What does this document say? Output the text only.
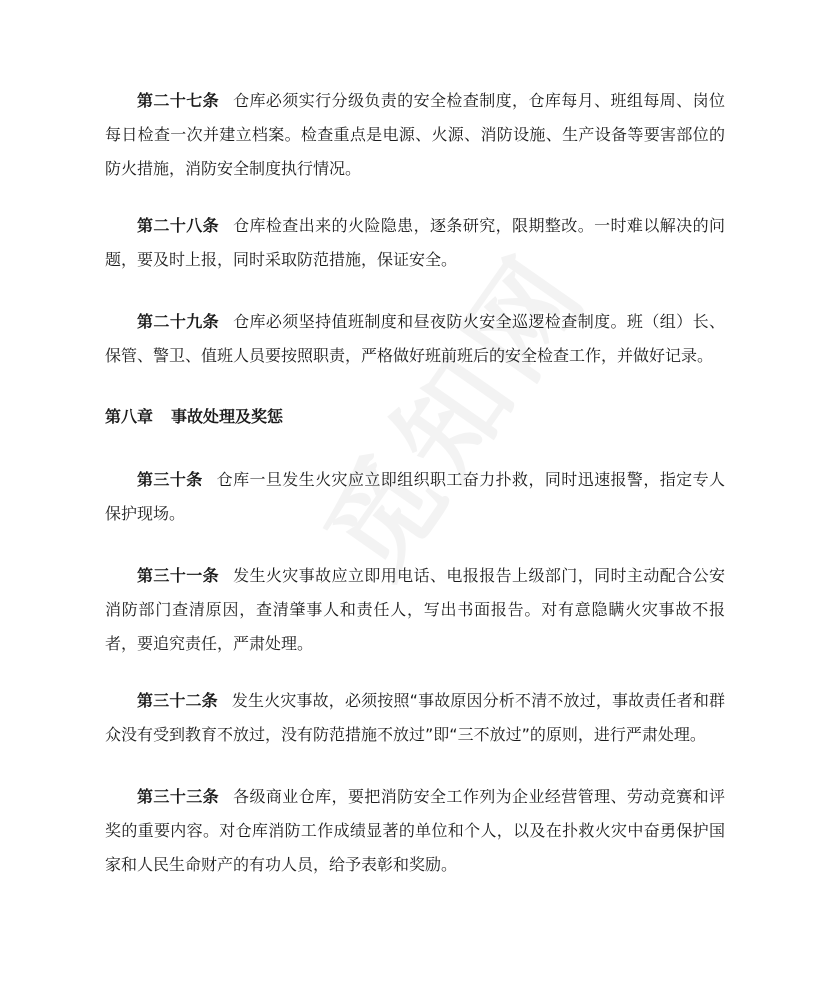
第二十七条 仓库必须实行分级负责的安全检查制度，仓库每月、班组每周、岗位每日检查一次并建立档案。检查重点是电源、火源、消防设施、生产设备等要害部位的防火措施，消防安全制度执行情况。

第二十八条 仓库检查出来的火险隐患，逐条研究，限期整改。一时难以解决的问题，要及时上报，同时采取防范措施，保证安全。

第二十九条 仓库必须坚持值班制度和昼夜防火安全巡逻检查制度。班（组）长、保管、警卫、值班人员要按照职责，严格做好班前班后的安全检查工作，并做好记录。

第八章 事故处理及奖惩

第三十条 仓库一旦发生火灾应立即组织职工奋力扑救，同时迅速报警，指定专人保护现场。

第三十一条 发生火灾事故应立即用电话、电报报告上级部门，同时主动配合公安消防部门查清原因，查清肇事人和责任人，写出书面报告。对有意隐瞒火灾事故不报者，要追究责任，严肃处理。

第三十二条 发生火灾事故，必须按照“事故原因分析不清不放过，事故责任者和群众没有受到教育不放过，没有防范措施不放过”即“三不放过”的原则，进行严肃处理。

第三十三条 各级商业仓库，要把消防安全工作列为企业经营管理、劳动竞赛和评奖的重要内容。对仓库消防工作成绩显著的单位和个人，以及在扑救火灾中奋勇保护国家和人民生命财产的有功人员，给予表彰和奖励。
